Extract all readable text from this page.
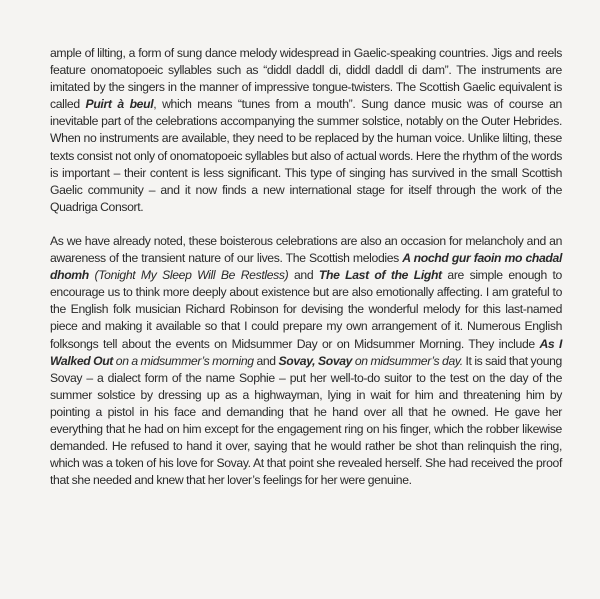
ample of lilting, a form of sung dance melody widespread in Gaelic-speaking countries. Jigs and reels feature onomatopoeic syllables such as “diddl daddl di, diddl daddl di dam”. The instruments are imitated by the singers in the manner of impressive tongue-twisters. The Scottish Gaelic equivalent is called Puirt à beul, which means “tunes from a mouth”. Sung dance music was of course an inevitable part of the celebrations accompanying the summer solstice, notably on the Outer Hebrides. When no instruments are available, they need to be replaced by the human voice. Unlike lilting, these texts consist not only of onomatopoeic syllables but also of actual words. Here the rhythm of the words is important – their content is less significant. This type of singing has survived in the small Scottish Gaelic community – and it now finds a new international stage for itself through the work of the Quadriga Consort.

As we have already noted, these boisterous celebrations are also an occasion for melancholy and an awareness of the transient nature of our lives. The Scottish melodies A nochd gur faoin mo chadal dhomh (Tonight My Sleep Will Be Restless) and The Last of the Light are simple enough to encourage us to think more deeply about existence but are also emotionally affecting. I am grateful to the English folk musician Richard Robinson for devising the wonderful melody for this last-named piece and making it available so that I could prepare my own arrangement of it. Numerous English folksongs tell about the events on Midsummer Day or on Midsummer Morning. They include As I Walked Out on a midsummer’s morning and Sovay, Sovay on midsummer’s day. It is said that young Sovay – a dialect form of the name Sophie – put her well-to-do suitor to the test on the day of the summer solstice by dressing up as a highwayman, lying in wait for him and threatening him by pointing a pistol in his face and demanding that he hand over all that he owned. He gave her everything that he had on him except for the engagement ring on his finger, which the robber likewise demanded. He refused to hand it over, saying that he would rather be shot than relinquish the ring, which was a token of his love for Sovay. At that point she revealed herself. She had received the proof that she needed and knew that her lover’s feelings for her were genuine.
